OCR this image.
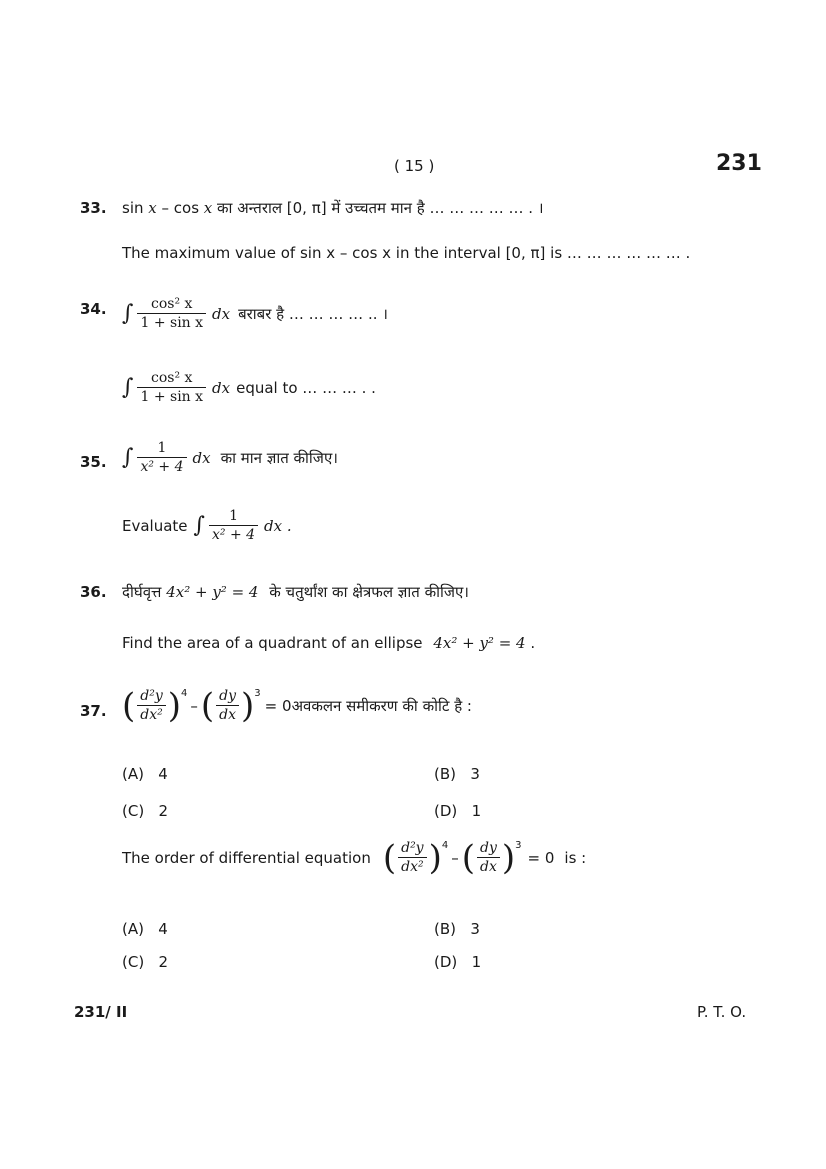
( 15 )	231
33. sin x – cos x का अन्तराल [0, π] में उच्चतम मान है … … … … … . ।
The maximum value of sin x – cos x in the interval [0, π] is … … … … … … .
34. ∫ $\frac{\text{cos² x}}{\text{1 + sin x}}$ dx बराबर है … … … … .. ।
∫ $\frac{\text{cos² x}}{\text{1 + sin x}}$ dx equal to … … … . .
35. ∫ $\frac{1}{\text{x² + 4}}$ dx का मान ज्ञात कीजिए।
Evaluate ∫ $\frac{1}{\text{x² + 4}}$ dx .
36. दीर्घवृत्त 4x² + y² = 4 के चतुर्थांश का क्षेत्रफल ज्ञात कीजिए।
Find the area of a quadrant of an ellipse 4x² + y² = 4 .
37. ( $\frac{\text{d²y}}{\text{dx²}}$ ) 4
– ( $\frac{dy}{dx}$ ) 3
= 0 अवकलन समीकरण की कोटि है :
(A) 4	(B) 3
(C) 2	(D) 1
The order of differential equation ( $\frac{\text{d²y}}{\text{dx²}}$ ) 4
– ( $\frac{dy}{dx}$ ) 3
= 0 is :
(A) 4	(B) 3
(C) 2	(D) 1
231/ II	P. T. O.
